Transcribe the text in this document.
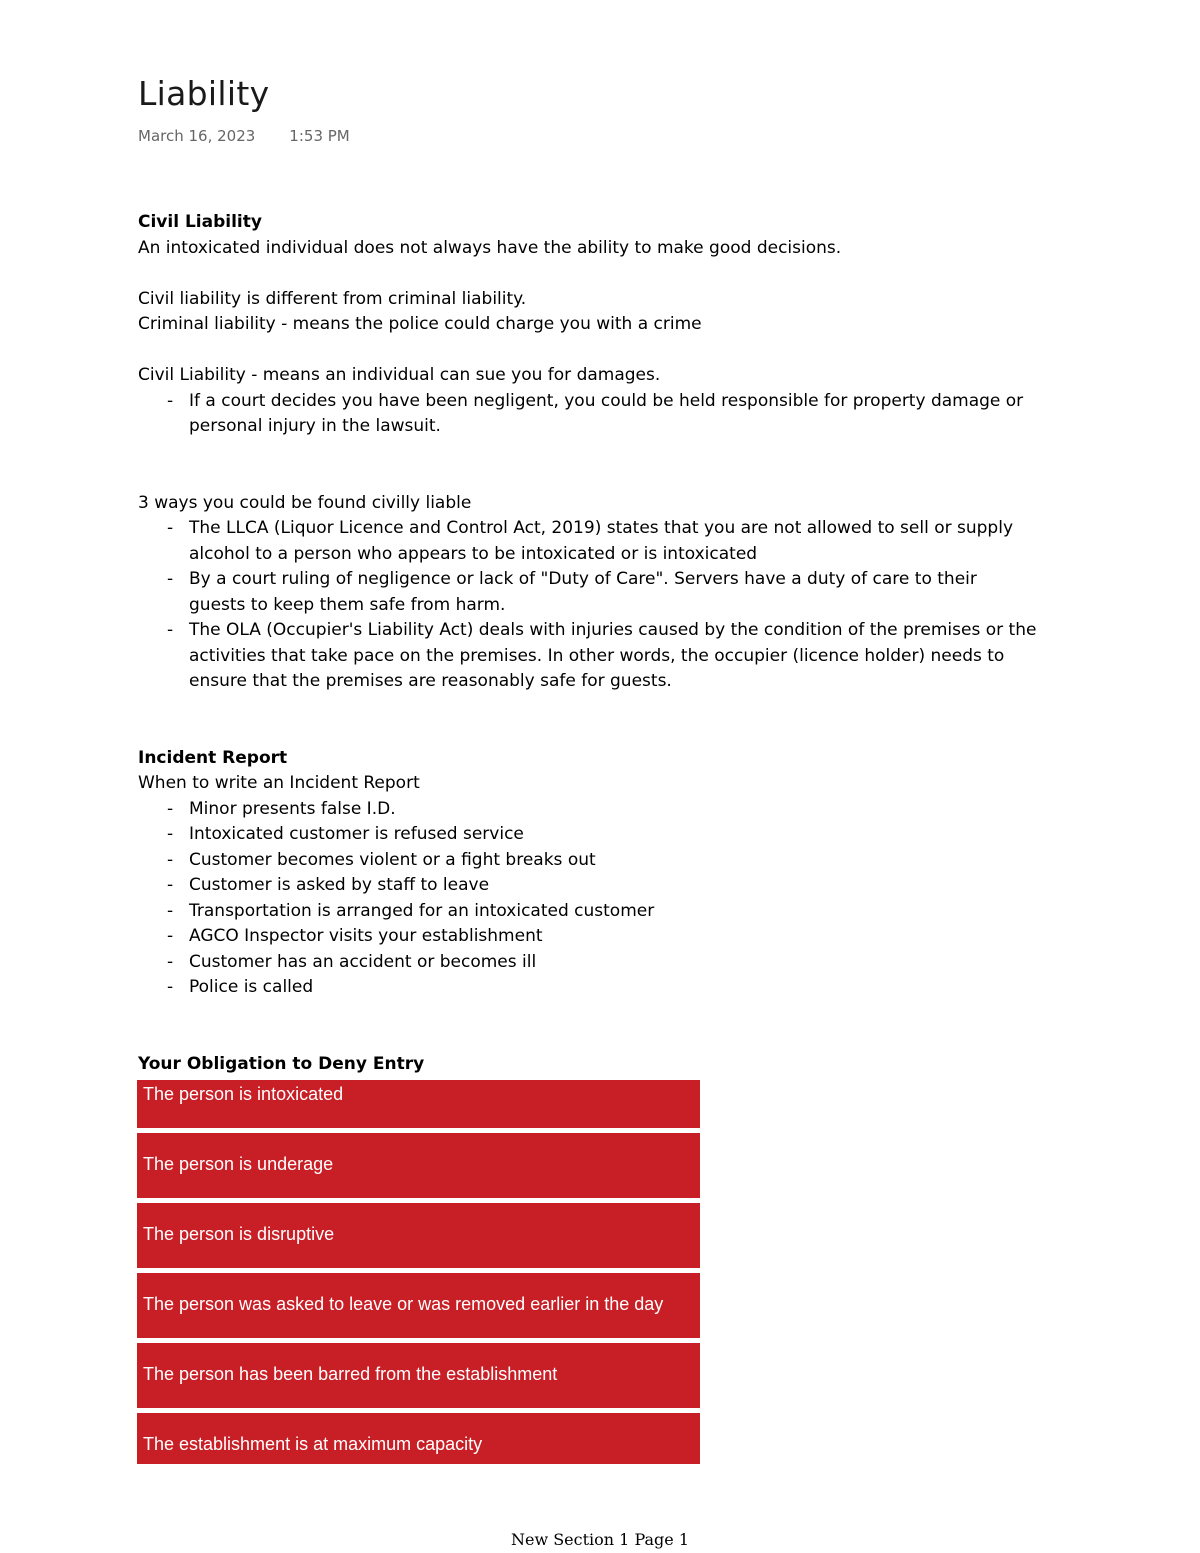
Liability
March 16, 2023 1:53 PM

Civil Liability

An intoxicated individual does not always have the ability to make good decisions.

Civil liability is different from criminal liability.

Criminal liability - means the police could charge you with a crime

Civil Liability - means an individual can sue you for damages.

- If a court decides you have been negligent, you could be held responsible for property damage or personal injury in the lawsuit.

3 ways you could be found civilly liable

- The LLCA (Liquor Licence and Control Act, 2019) states that you are not allowed to sell or supply alcohol to a person who appears to be intoxicated or is intoxicated
- By a court ruling of negligence or lack of "Duty of Care". Servers have a duty of care to their guests to keep them safe from harm.
- The OLA (Occupier's Liability Act) deals with injuries caused by the condition of the premises or the activities that take pace on the premises. In other words, the occupier (licence holder) needs to ensure that the premises are reasonably safe for guests.

Incident Report

When to write an Incident Report

- Minor presents false I.D.
- Intoxicated customer is refused service
- Customer becomes violent or a fight breaks out
- Customer is asked by staff to leave
- Transportation is arranged for an intoxicated customer
- AGCO Inspector visits your establishment
- Customer has an accident or becomes ill
- Police is called

Your Obligation to Deny Entry

The person is intoxicated
The person is underage
The person is disruptive
The person was asked to leave or was removed earlier in the day
The person has been barred from the establishment
The establishment is at maximum capacity
New Section 1 Page 1
